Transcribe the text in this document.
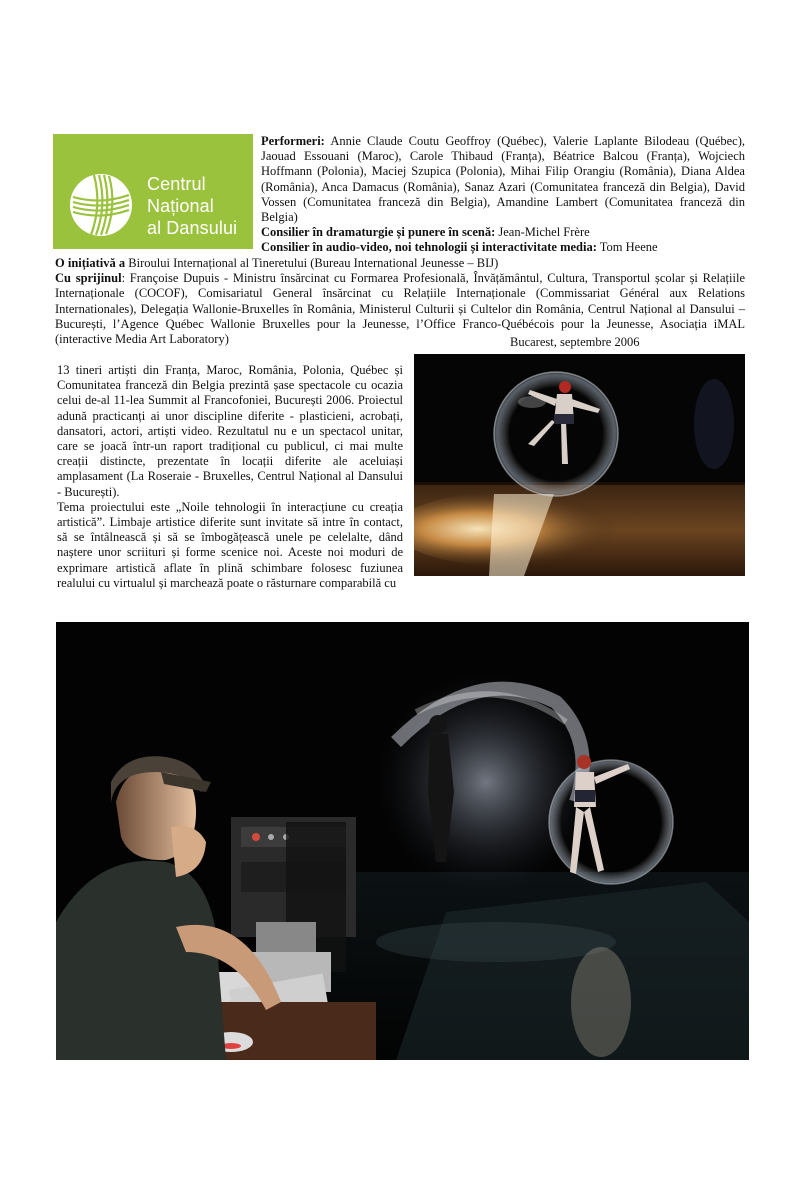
Centrul
Național
al Dansului

Performeri: Annie Claude Coutu Geoffroy (Québec), Valerie Laplante Bilodeau (Québec), Jaouad Essouani (Maroc), Carole Thibaud (Franța), Béatrice Balcou (Franța), Wojciech Hoffmann (Polonia), Maciej Szupica (Polonia), Mihai Filip Orangiu (România), Diana Aldea (România), Anca Damacus (România), Sanaz Azari (Comunitatea franceză din Belgia), David Vossen (Comunitatea franceză din Belgia), Amandine Lambert (Comunitatea franceză din Belgia)

Consilier în dramaturgie și punere în scenă: Jean-Michel Frère

Consilier în audio-video, noi tehnologii și interactivitate media: Tom Heene

O inițiativă a Biroului Internațional al Tineretului (Bureau International Jeunesse – BIJ)

Cu sprijinul: Françoise Dupuis - Ministru însărcinat cu Formarea Profesională, Învățământul, Cultura, Transportul școlar și Relațiile Internaționale (COCOF), Comisariatul General însărcinat cu Relațiile Internaționale (Commissariat Général aux Relations Internationales), Delegația Wallonie-Bruxelles în România, Ministerul Culturii și Cultelor din România, Centrul Național al Dansului – București, l’Agence Québec Wallonie Bruxelles pour la Jeunesse, l’Office Franco-Québécois pour la Jeunesse, Asociația iMAL (interactive Media Art Laboratory)	Bucarest, septembre 2006

13 tineri artiști din Franța, Maroc, România, Polonia, Québec și Comunitatea franceză din Belgia prezintă șase spectacole cu ocazia celui de-al 11-lea Summit al Francofoniei, București 2006. Proiectul adună practicanți ai unor discipline diferite - plasticieni, acrobați, dansatori, actori, artiști video. Rezultatul nu e un spectacol unitar, care se joacă într-un raport tradițional cu publicul, ci mai multe creații distincte, prezentate în locații diferite ale aceluiași amplasament (La Roseraie - Bruxelles, Centrul Național al Dansului - București).

Tema proiectului este „Noile tehnologii în interacțiune cu creația artistică”. Limbaje artistice diferite sunt invitate să intre în contact, să se întâlnească și să se îmbogățească unele pe celelalte, dând naștere unor scriituri și forme scenice noi. Aceste noi moduri de exprimare artistică aflate în plină schimbare folosesc fuziunea realului cu virtualul și marchează poate o răsturnare comparabilă cu
